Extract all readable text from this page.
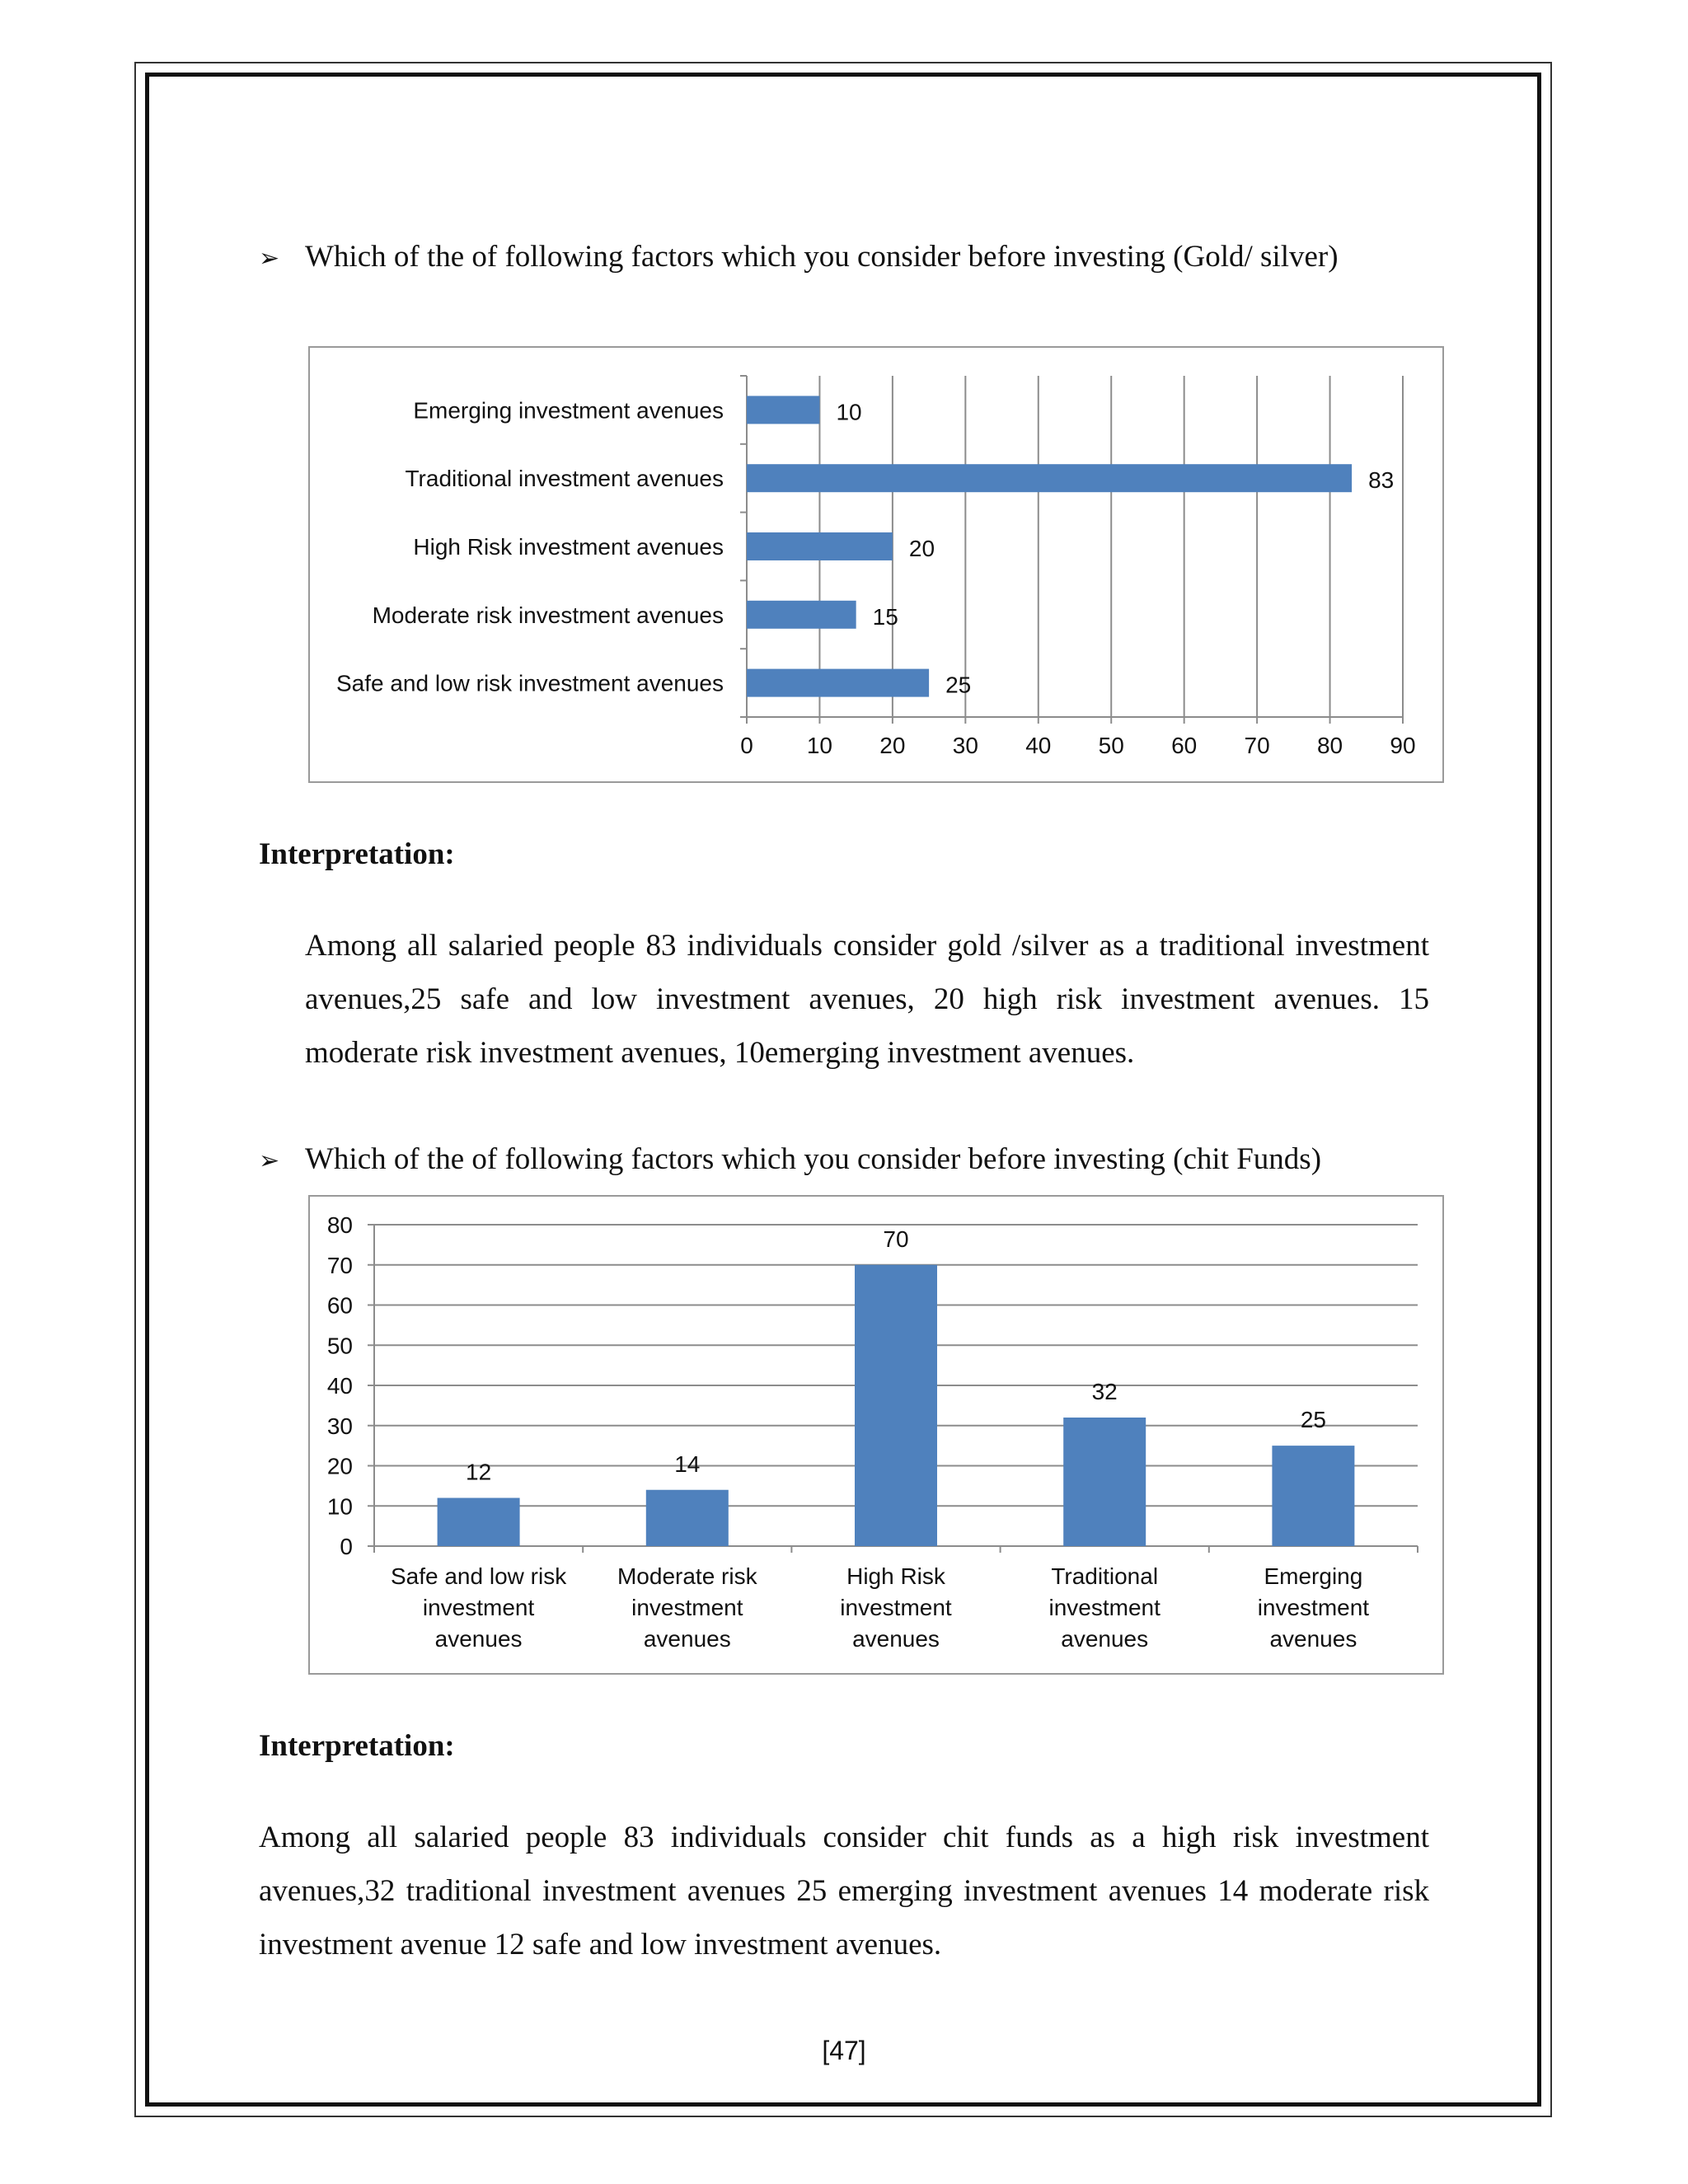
➢ Which of the of following factors which you consider before investing (Gold/ silver)
0 10 20 30 40 50 60 70 80 90
Emerging investment avenues	10
Traditional investment avenues	83
High Risk investment avenues	20
Moderate risk investment avenues	15
Safe and low risk investment avenues	25
Interpretation:
Among all salaried people 83 individuals consider gold /silver as a traditional investment
avenues,25 safe and low investment avenues, 20 high risk investment avenues. 15
moderate risk investment avenues, 10emerging investment avenues.
➢ Which of the of following factors which you consider before investing (chit Funds)
80
70
60
50
40
30
20
10
0
12
Safe and low risk
investment
avenues
14
Moderate risk
investment
avenues
70
High Risk
investment
avenues
32
Traditional
investment
avenues
25
Emerging
investment
avenues
Interpretation:
Among all salaried people 83 individuals consider chit funds as a high risk investment
avenues,32 traditional investment avenues 25 emerging investment avenues 14 moderate risk
investment avenue 12 safe and low investment avenues.
[47]
